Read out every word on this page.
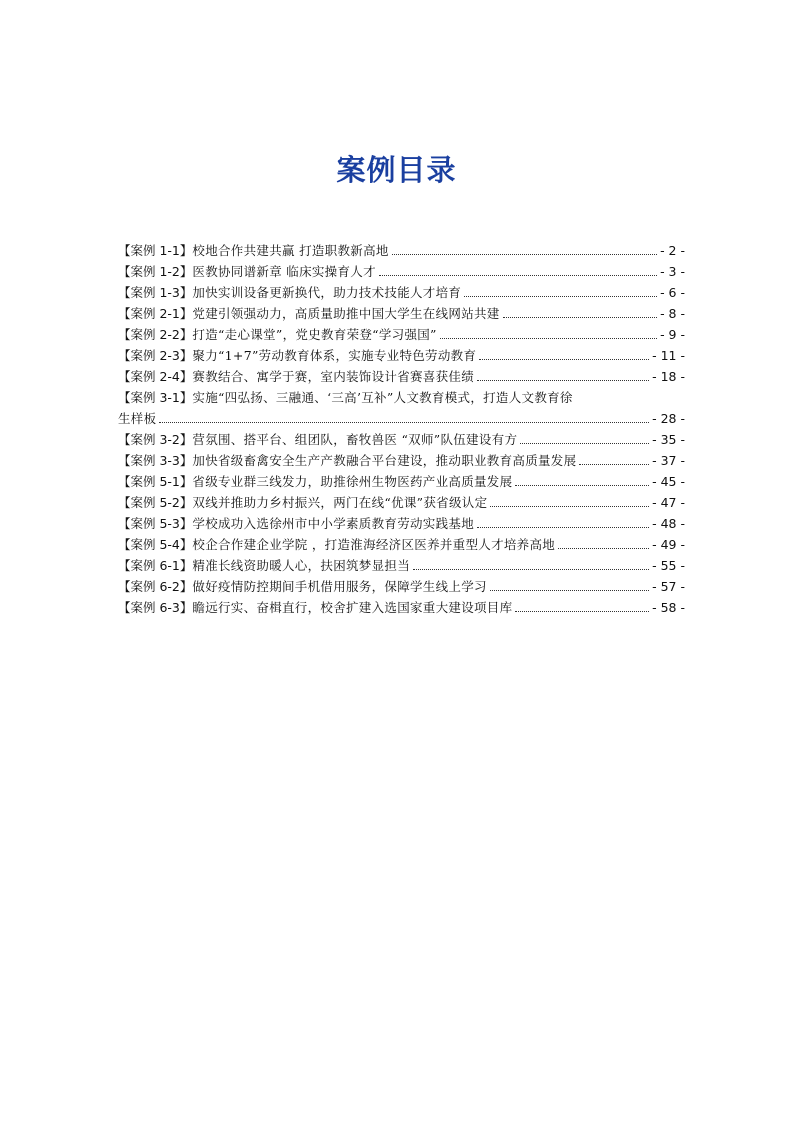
案例目录
【案例 1-1】 校地合作共建共赢 打造职教新高地	- 2 -
【案例 1-2】 医教协同谱新章 临床实操育人才	- 3 -
【案例 1-3】 加快实训设备更新换代，助力技术技能人才培育	- 6 -
【案例 2-1】 党建引领强动力，高质量助推中国大学生在线网站共建	- 8 -
【案例 2-2】 打造“走心课堂”，党史教育荣登“学习强国”	- 9 -
【案例 2-3】 聚力“1+7”劳动教育体系，实施专业特色劳动教育	- 11 -
【案例 2-4】 赛教结合、寓学于赛，室内装饰设计省赛喜获佳绩	- 18 -
【案例 3-1】实施“四弘扬、三融通、‘三高’互补”人文教育模式，打造人文教育徐
生样板	- 28 -
【案例 3-2】 营氛围、搭平台、组团队，畜牧兽医 “双师”队伍建设有方	- 35 -
【案例 3-3】 加快省级畜禽安全生产产教融合平台建设，推动职业教育高质量发展	- 37 -
【案例 5-1】 省级专业群三线发力，助推徐州生物医药产业高质量发展	- 45 -
【案例 5-2】 双线并推助力乡村振兴，两门在线“优课”获省级认定	- 47 -
【案例 5-3】 学校成功入选徐州市中小学素质教育劳动实践基地	- 48 -
【案例 5-4】 校企合作建企业学院 ，打造淮海经济区医养并重型人才培养高地	- 49 -
【案例 6-1】 精准长线资助暖人心，扶困筑梦显担当	- 55 -
【案例 6-2】 做好疫情防控期间手机借用服务，保障学生线上学习	- 57 -
【案例 6-3】 瞻远行实、奋楫直行，校舍扩建入选国家重大建设项目库	- 58 -
